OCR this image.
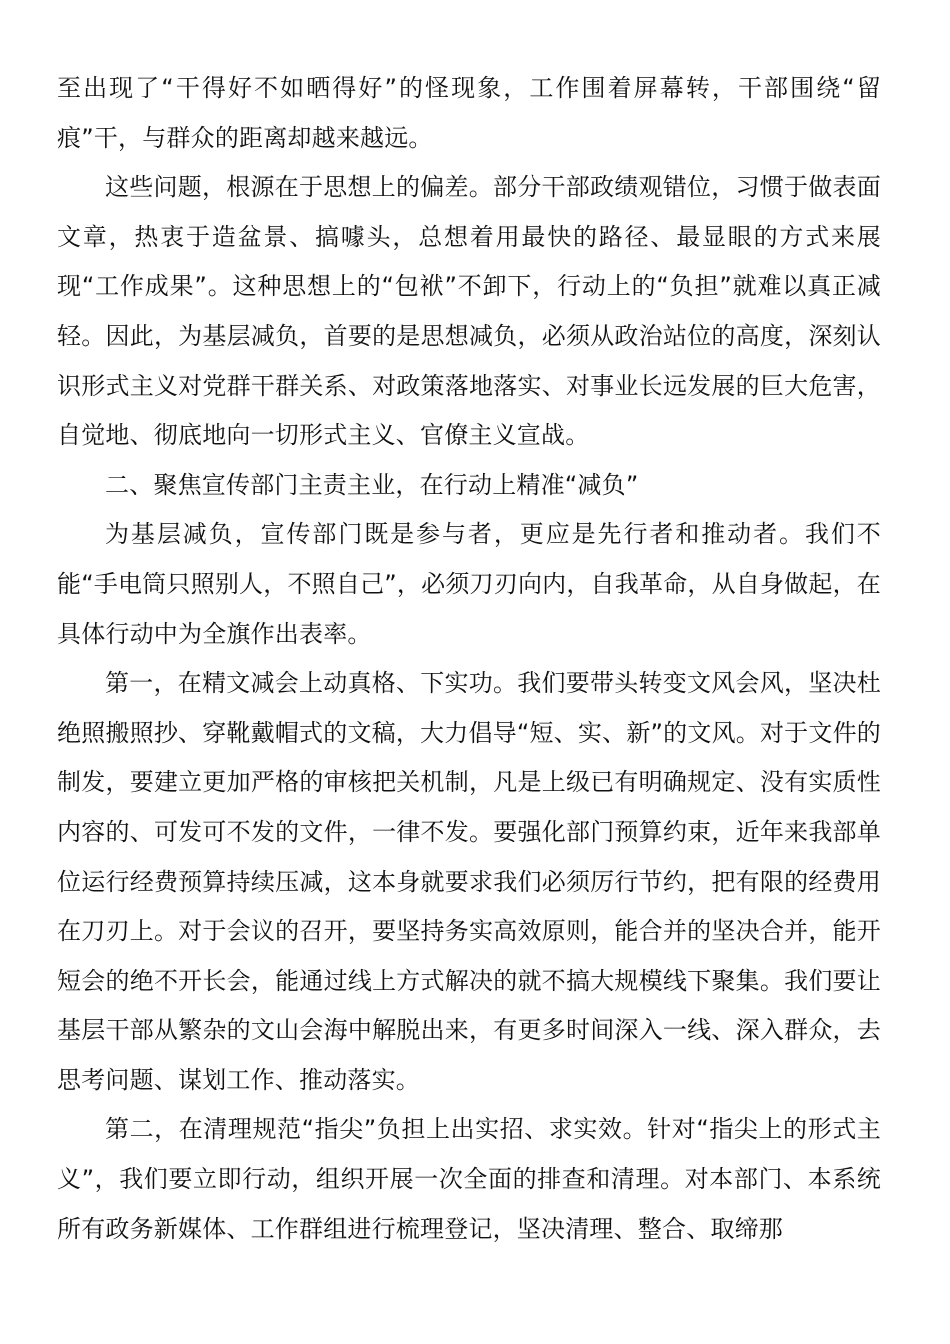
至出现了“干得好不如晒得好”的怪现象，工作围着屏幕转，干部围绕“留痕”干，与群众的距离却越来越远。

这些问题，根源在于思想上的偏差。部分干部政绩观错位，习惯于做表面文章，热衷于造盆景、搞噱头，总想着用最快的路径、最显眼的方式来展现“工作成果”。这种思想上的“包袱”不卸下，行动上的“负担”就难以真正减轻。因此，为基层减负，首要的是思想减负，必须从政治站位的高度，深刻认识形式主义对党群干群关系、对政策落地落实、对事业长远发展的巨大危害，自觉地、彻底地向一切形式主义、官僚主义宣战。

二、聚焦宣传部门主责主业，在行动上精准“减负”

为基层减负，宣传部门既是参与者，更应是先行者和推动者。我们不能“手电筒只照别人，不照自己”，必须刀刃向内，自我革命，从自身做起，在具体行动中为全旗作出表率。

第一，在精文减会上动真格、下实功。我们要带头转变文风会风，坚决杜绝照搬照抄、穿靴戴帽式的文稿，大力倡导“短、实、新”的文风。对于文件的制发，要建立更加严格的审核把关机制，凡是上级已有明确规定、没有实质性内容的、可发可不发的文件，一律不发。要强化部门预算约束，近年来我部单位运行经费预算持续压减，这本身就要求我们必须厉行节约，把有限的经费用在刀刃上。对于会议的召开，要坚持务实高效原则，能合并的坚决合并，能开短会的绝不开长会，能通过线上方式解决的就不搞大规模线下聚集。我们要让基层干部从繁杂的文山会海中解脱出来，有更多时间深入一线、深入群众，去思考问题、谋划工作、推动落实。

第二，在清理规范“指尖”负担上出实招、求实效。针对“指尖上的形式主义”，我们要立即行动，组织开展一次全面的排查和清理。对本部门、本系统所有政务新媒体、工作群组进行梳理登记，坚决清理、整合、取缔那
